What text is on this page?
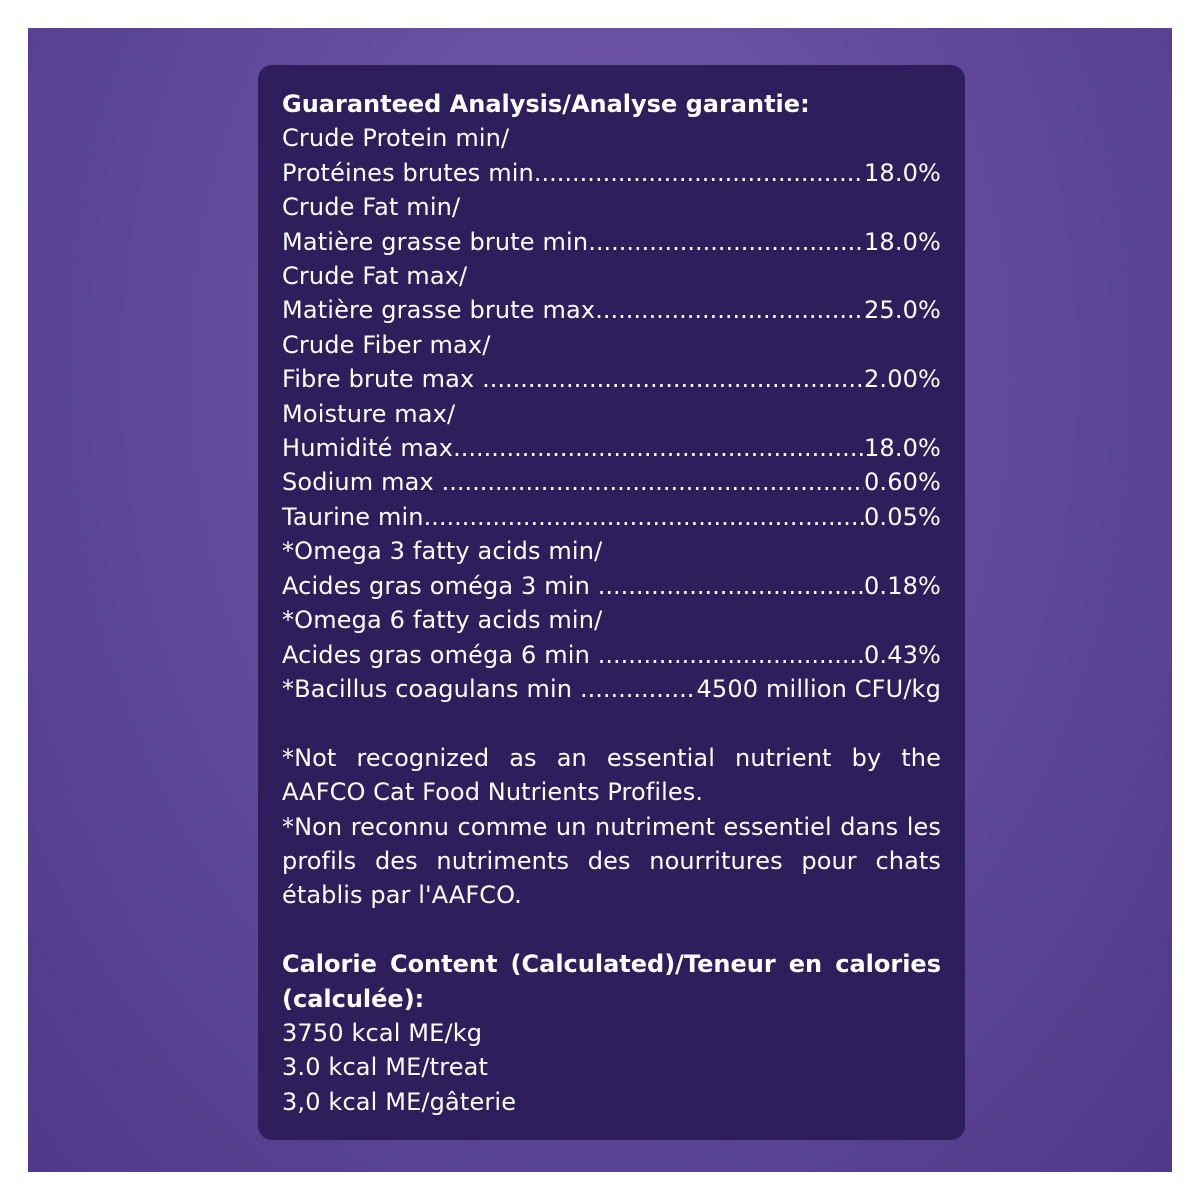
Guaranteed Analysis/Analyse garantie:
Crude Protein min/
Protéines brutes min .....	18.0%
Crude Fat min/
Matière grasse brute min .....	18.0%
Crude Fat max/
Matière grasse brute max .....	25.0%
Crude Fiber max/
Fibre brute max .....	2.00%
Moisture max/
Humidité max .....	18.0%
Sodium max .....	0.60%
Taurine min .....	0.05%
*Omega 3 fatty acids min/
Acides gras oméga 3 min .....	0.18%
*Omega 6 fatty acids min/
Acides gras oméga 6 min .....	0.43%
*Bacillus coagulans min .....	4500 million CFU/kg
*Not recognized as an essential nutrient by the AAFCO Cat Food Nutrients Profiles.
*Non reconnu comme un nutriment essentiel dans les profils des nutriments des nourritures pour chats établis par l'AAFCO.
Calorie Content (Calculated)/Teneur en calories (calculée):
3750 kcal ME/kg
3.0 kcal ME/treat
3,0 kcal ME/gâterie
